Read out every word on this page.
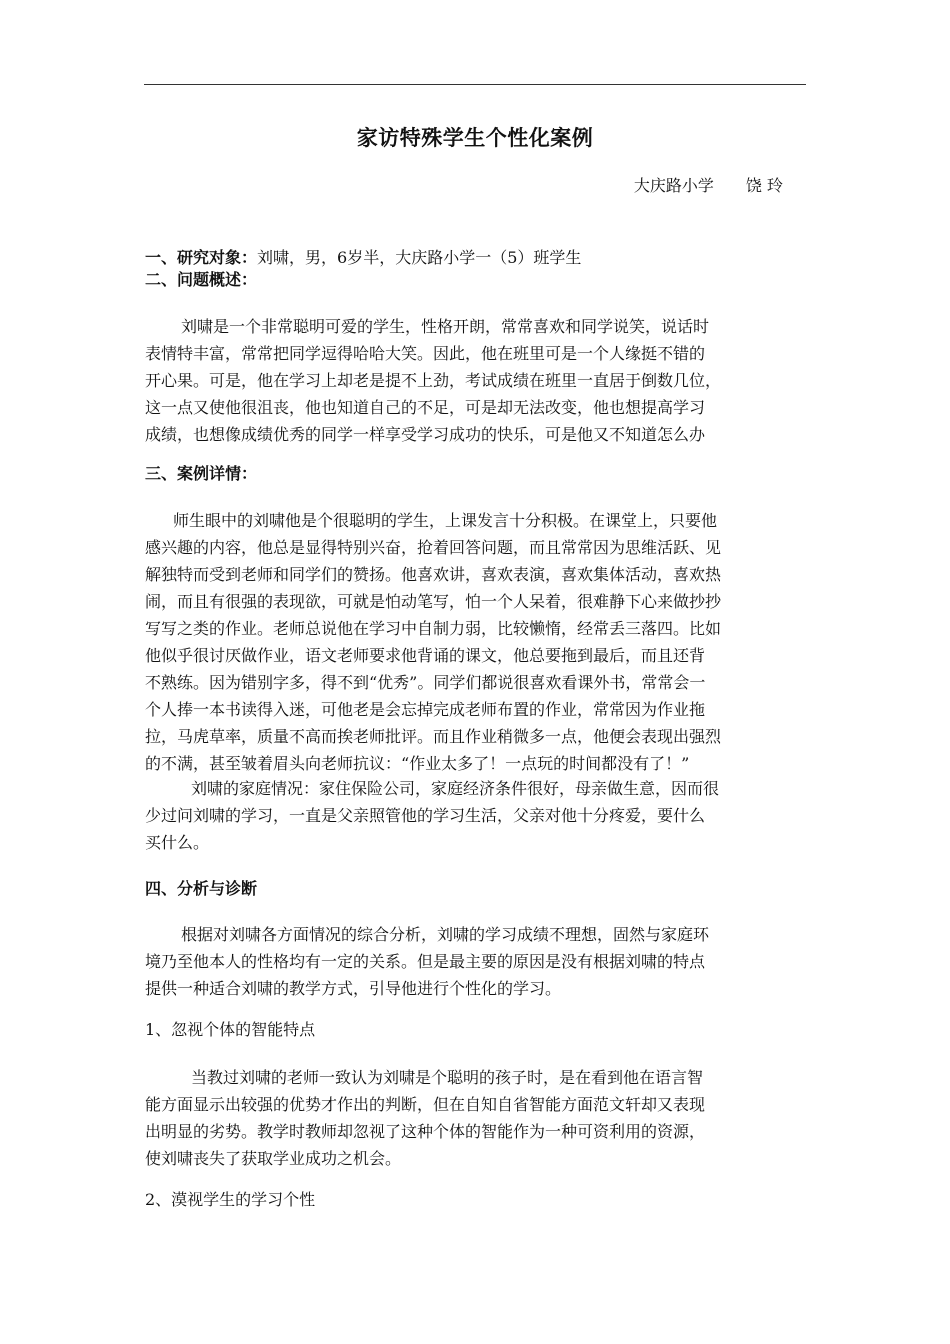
家访特殊学生个性化案例
大庆路小学 饶 玲

一、研究对象：刘啸，男，6岁半，大庆路小学一（5）班学生

二、问题概述：
刘啸是一个非常聪明可爱的学生，性格开朗，常常喜欢和同学说笑，说话时
表情特丰富，常常把同学逗得哈哈大笑。因此，他在班里可是一个人缘挺不错的
开心果。可是，他在学习上却老是提不上劲，考试成绩在班里一直居于倒数几位，
这一点又使他很沮丧，他也知道自己的不足，可是却无法改变，他也想提高学习
成绩，也想像成绩优秀的同学一样享受学习成功的快乐，可是他又不知道怎么办
三、案例详情：
师生眼中的刘啸他是个很聪明的学生，上课发言十分积极。在课堂上，只要他
感兴趣的内容，他总是显得特别兴奋，抢着回答问题，而且常常因为思维活跃、见
解独特而受到老师和同学们的赞扬。他喜欢讲，喜欢表演，喜欢集体活动，喜欢热
闹，而且有很强的表现欲，可就是怕动笔写，怕一个人呆着，很难静下心来做抄抄
写写之类的作业。老师总说他在学习中自制力弱，比较懒惰，经常丢三落四。比如
他似乎很讨厌做作业，语文老师要求他背诵的课文，他总要拖到最后，而且还背
不熟练。因为错别字多，得不到“优秀”。同学们都说很喜欢看课外书，常常会一
个人捧一本书读得入迷，可他老是会忘掉完成老师布置的作业，常常因为作业拖
拉，马虎草率，质量不高而挨老师批评。而且作业稍微多一点，他便会表现出强烈
的不满，甚至皱着眉头向老师抗议：“作业太多了！一点玩的时间都没有了！”
刘啸的家庭情况：家住保险公司，家庭经济条件很好，母亲做生意，因而很
少过问刘啸的学习，一直是父亲照管他的学习生活，父亲对他十分疼爱，要什么
买什么。
四、分析与诊断
根据对刘啸各方面情况的综合分析，刘啸的学习成绩不理想，固然与家庭环
境乃至他本人的性格均有一定的关系。但是最主要的原因是没有根据刘啸的特点
提供一种适合刘啸的教学方式，引导他进行个性化的学习。
1、忽视个体的智能特点
当教过刘啸的老师一致认为刘啸是个聪明的孩子时，是在看到他在语言智
能方面显示出较强的优势才作出的判断，但在自知自省智能方面范文轩却又表现
出明显的劣势。教学时教师却忽视了这种个体的智能作为一种可资利用的资源，
使刘啸丧失了获取学业成功之机会。
2、漠视学生的学习个性
